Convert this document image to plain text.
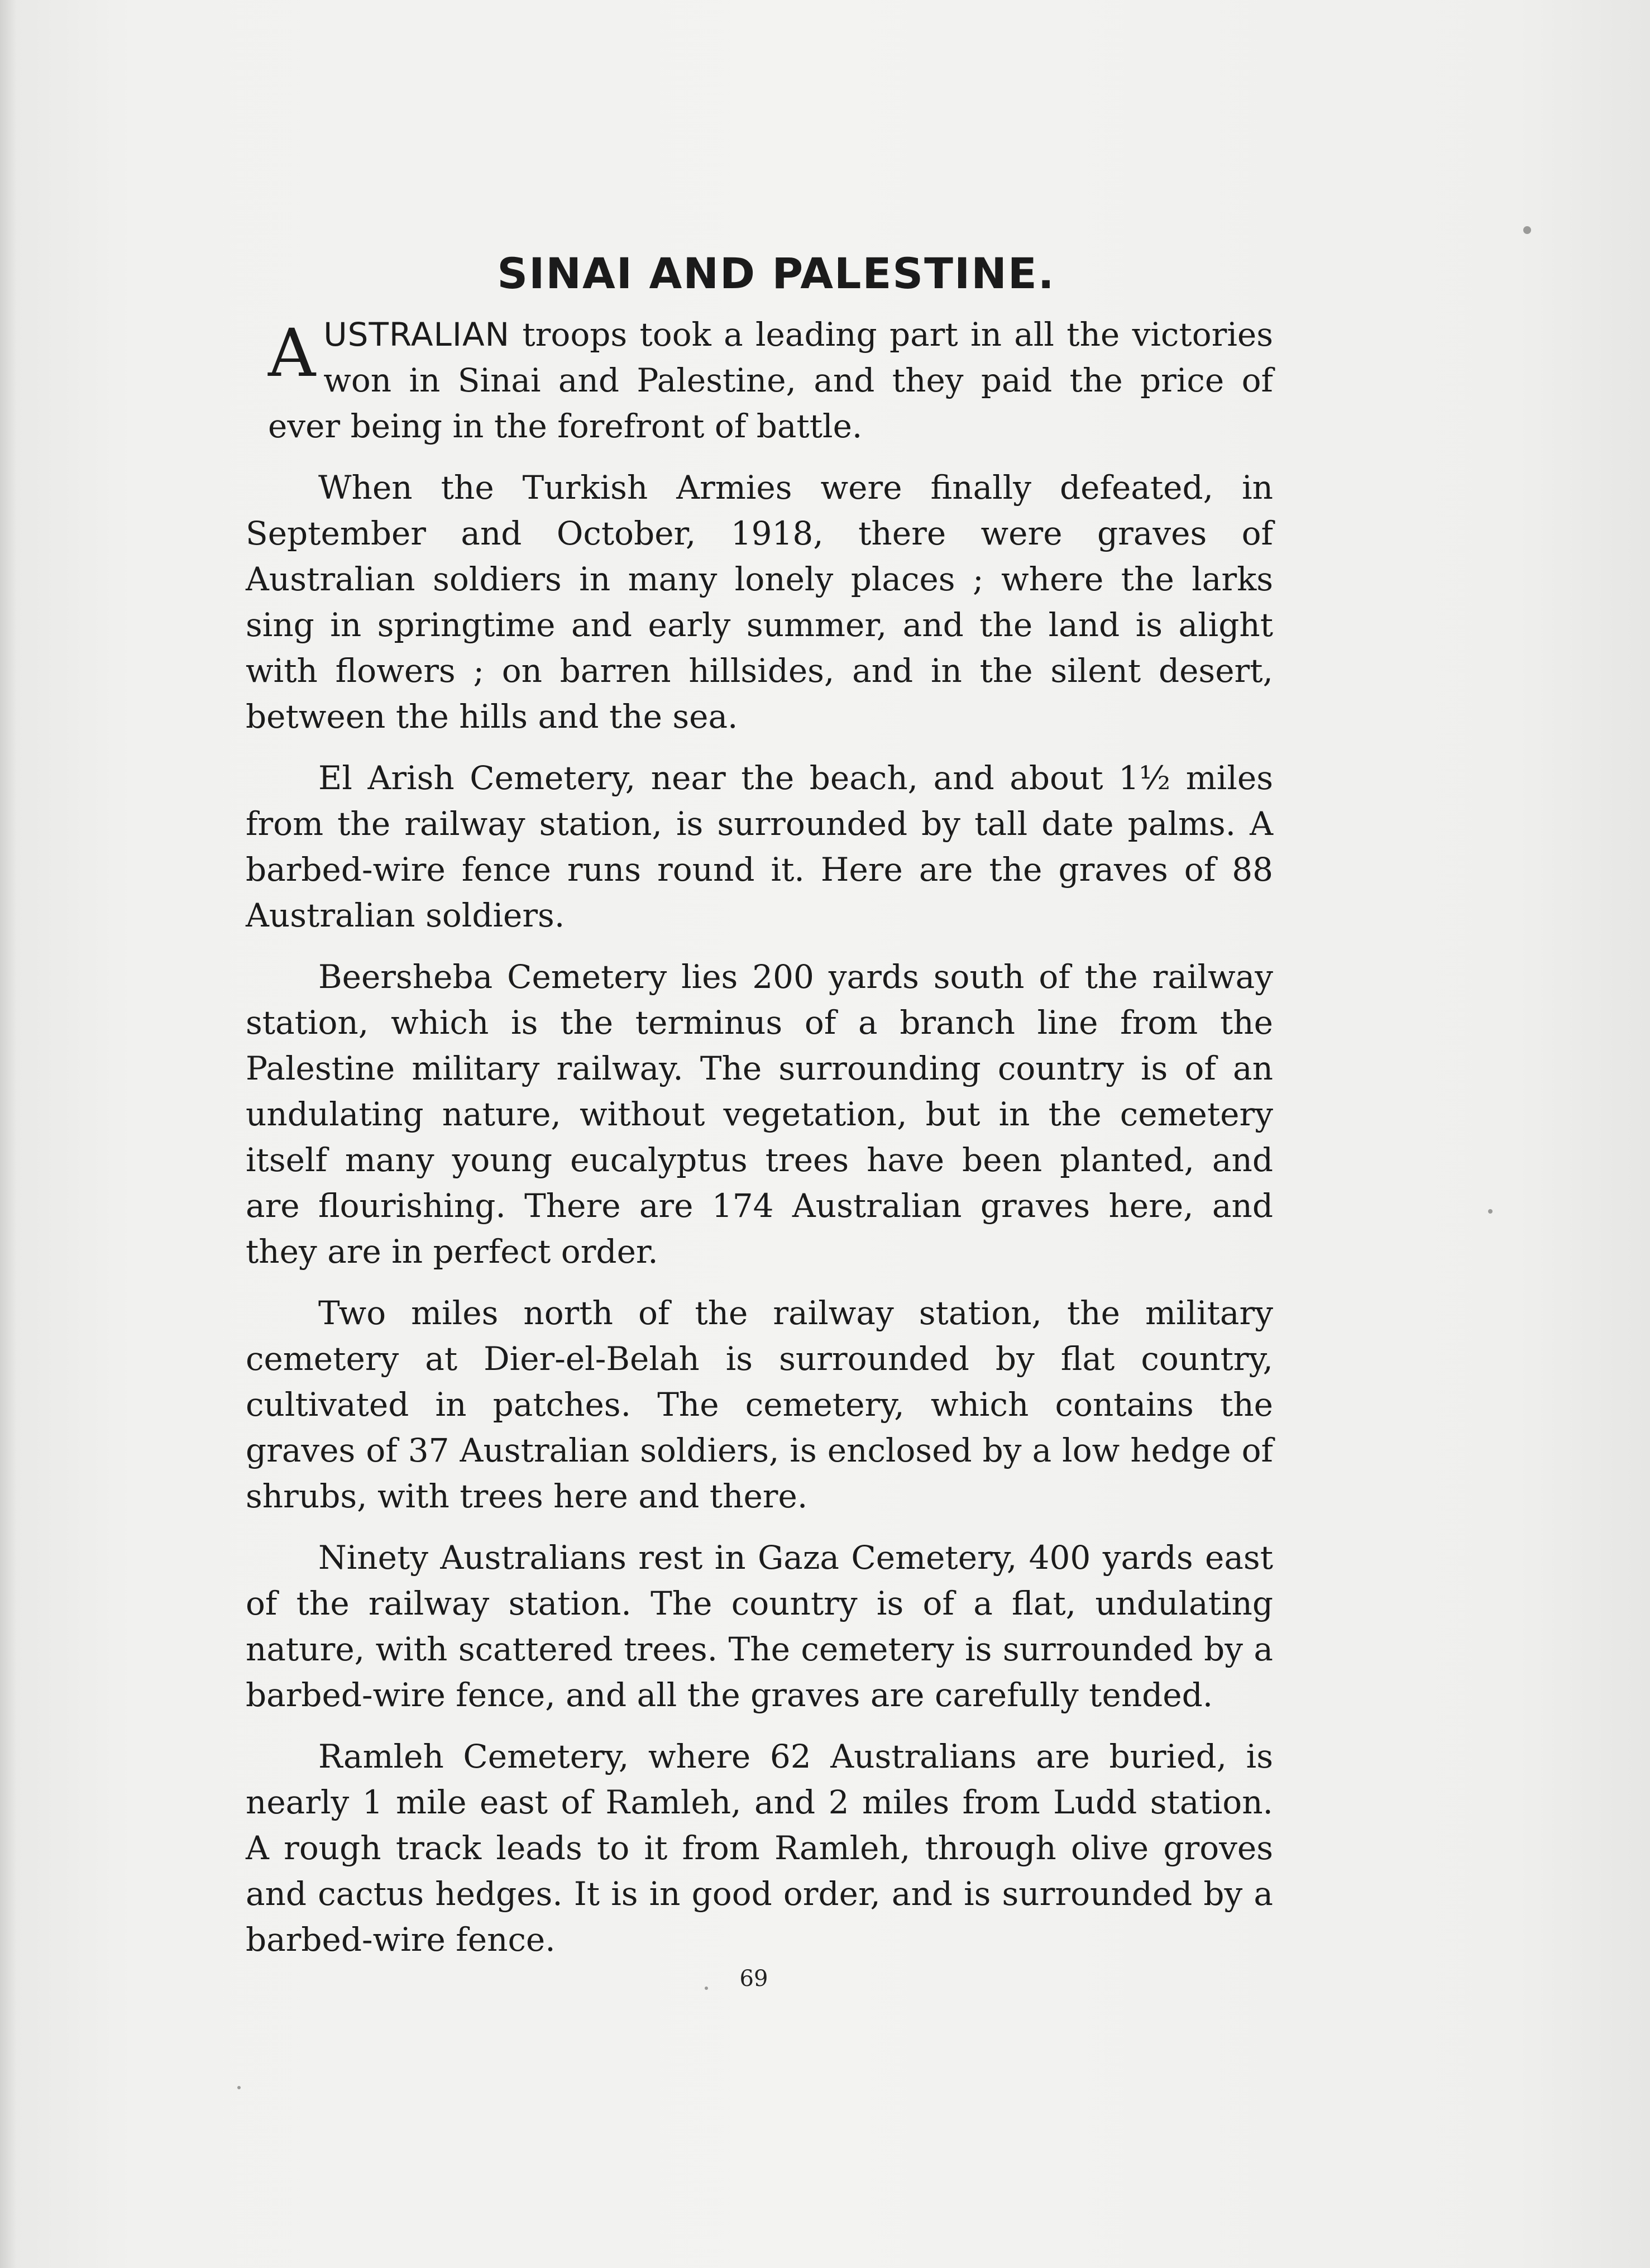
SINAI AND PALESTINE.

AUSTRALIAN troops took a leading part in all the victories won in Sinai and Palestine, and they paid the price of ever being in the forefront of battle.

When the Turkish Armies were finally defeated, in September and October, 1918, there were graves of Australian soldiers in many lonely places ; where the larks sing in springtime and early summer, and the land is alight with flowers ; on barren hillsides, and in the silent desert, between the hills and the sea.

El Arish Cemetery, near the beach, and about 1½ miles from the railway station, is surrounded by tall date palms. A barbed-wire fence runs round it. Here are the graves of 88 Australian soldiers.

Beersheba Cemetery lies 200 yards south of the railway station, which is the terminus of a branch line from the Palestine military railway. The surrounding country is of an undulating nature, without vegetation, but in the cemetery itself many young eucalyptus trees have been planted, and are flourishing. There are 174 Australian graves here, and they are in perfect order.

Two miles north of the railway station, the military cemetery at Dier-el-Belah is surrounded by flat country, cultivated in patches. The cemetery, which contains the graves of 37 Australian soldiers, is enclosed by a low hedge of shrubs, with trees here and there.

Ninety Australians rest in Gaza Cemetery, 400 yards east of the railway station. The country is of a flat, undulating nature, with scattered trees. The cemetery is surrounded by a barbed-wire fence, and all the graves are carefully tended.

Ramleh Cemetery, where 62 Australians are buried, is nearly 1 mile east of Ramleh, and 2 miles from Ludd station. A rough track leads to it from Ramleh, through olive groves and cactus hedges. It is in good order, and is surrounded by a barbed-wire fence.

69
